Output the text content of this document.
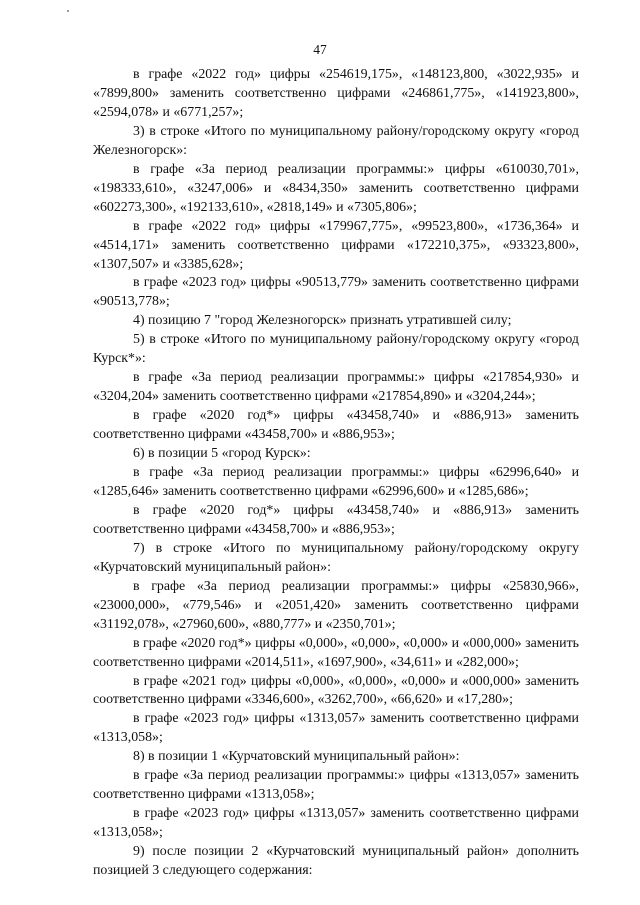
47

в графе «2022 год» цифры «254619,175», «148123,800, «3022,935» и «7899,800» заменить соответственно цифрами «246861,775», «141923,800», «2594,078» и «6771,257»;

3) в строке «Итого по муниципальному району/городскому округу «город Железногорск»:

в графе «За период реализации программы:» цифры «610030,701», «198333,610», «3247,006» и «8434,350» заменить соответственно цифрами «602273,300», «192133,610», «2818,149» и «7305,806»;

в графе «2022 год» цифры «179967,775», «99523,800», «1736,364» и «4514,171» заменить соответственно цифрами «172210,375», «93323,800», «1307,507» и «3385,628»;

в графе «2023 год» цифры «90513,779» заменить соответственно цифрами «90513,778»;

4) позицию 7 "город Железногорск» признать утратившей силу;

5) в строке «Итого по муниципальному району/городскому округу «город Курск*»:

в графе «За период реализации программы:» цифры «217854,930» и «3204,204» заменить соответственно цифрами «217854,890» и «3204,244»;

в графе «2020 год*» цифры «43458,740» и «886,913» заменить соответственно цифрами «43458,700» и «886,953»;

6) в позиции 5 «город Курск»:

в графе «За период реализации программы:» цифры «62996,640» и «1285,646» заменить соответственно цифрами «62996,600» и «1285,686»;

в графе «2020 год*» цифры «43458,740» и «886,913» заменить соответственно цифрами «43458,700» и «886,953»;

7) в строке «Итого по муниципальному району/городскому округу «Курчатовский муниципальный район»:

в графе «За период реализации программы:» цифры «25830,966», «23000,000», «779,546» и «2051,420» заменить соответственно цифрами «31192,078», «27960,600», «880,777» и «2350,701»;

в графе «2020 год*» цифры «0,000», «0,000», «0,000» и «000,000» заменить соответственно цифрами «2014,511», «1697,900», «34,611» и «282,000»;

в графе «2021 год» цифры «0,000», «0,000», «0,000» и «000,000» заменить соответственно цифрами «3346,600», «3262,700», «66,620» и «17,280»;

в графе «2023 год» цифры «1313,057» заменить соответственно цифрами «1313,058»;

8) в позиции 1 «Курчатовский муниципальный район»:

в графе «За период реализации программы:» цифры «1313,057» заменить соответственно цифрами «1313,058»;

в графе «2023 год» цифры «1313,057» заменить соответственно цифрами «1313,058»;

9) после позиции 2 «Курчатовский муниципальный район» дополнить позицией 3 следующего содержания:
